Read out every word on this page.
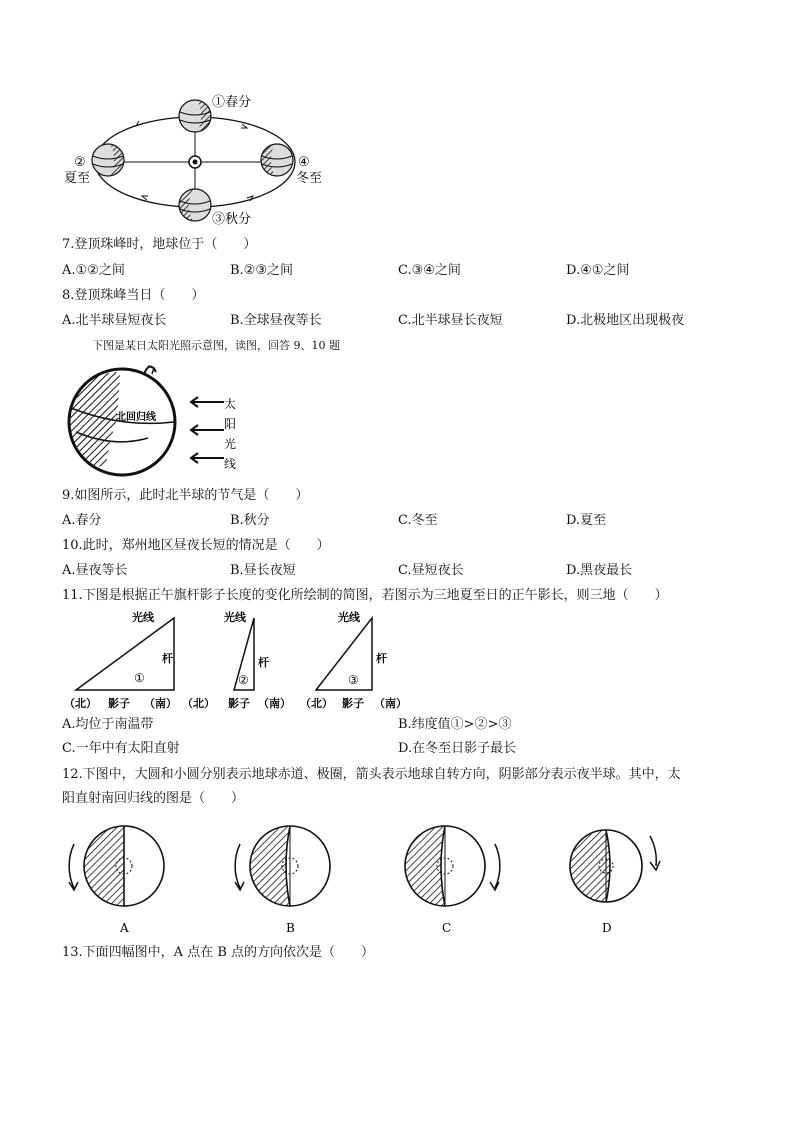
①春分
②
夏至
④
冬至
③秋分
7.登顶珠峰时，地球位于（　　）
A.①②之间	B.②③之间	C.③④之间	D.④①之间
8.登顶珠峰当日（　　）
A.北半球昼短夜长	B.全球昼夜等长	C.北半球昼长夜短	D.北极地区出现极夜
下图是某日太阳光照示意图，读图，回答 9、10 题
北回归线
太
阳
光
线
9.如图所示，此时北半球的节气是（　　）
A.春分	B.秋分	C.冬至	D.夏至
10.此时，郑州地区昼夜长短的情况是（　　）
A.昼夜等长	B.昼长夜短	C.昼短夜长	D.黑夜最长
11.下图是根据正午旗杆影子长度的变化所绘制的简图，若图示为三地夏至日的正午影长，则三地（　　）
光线
杆
①
（北） 影子 （南）
光线
杆
②
（北） 影子 （南）
光线
杆
③
（北） 影子 （南）
A.均位于南温带	B.纬度值①>②>③
C.一年中有太阳直射	D.在冬至日影子最长
12.下图中，大圆和小圆分别表示地球赤道、极圈，箭头表示地球自转方向，阴影部分表示夜半球。其中，太
阳直射南回归线的图是（　　）
A	B	C	D
13.下面四幅图中，A 点在 B 点的方向依次是（　　）
